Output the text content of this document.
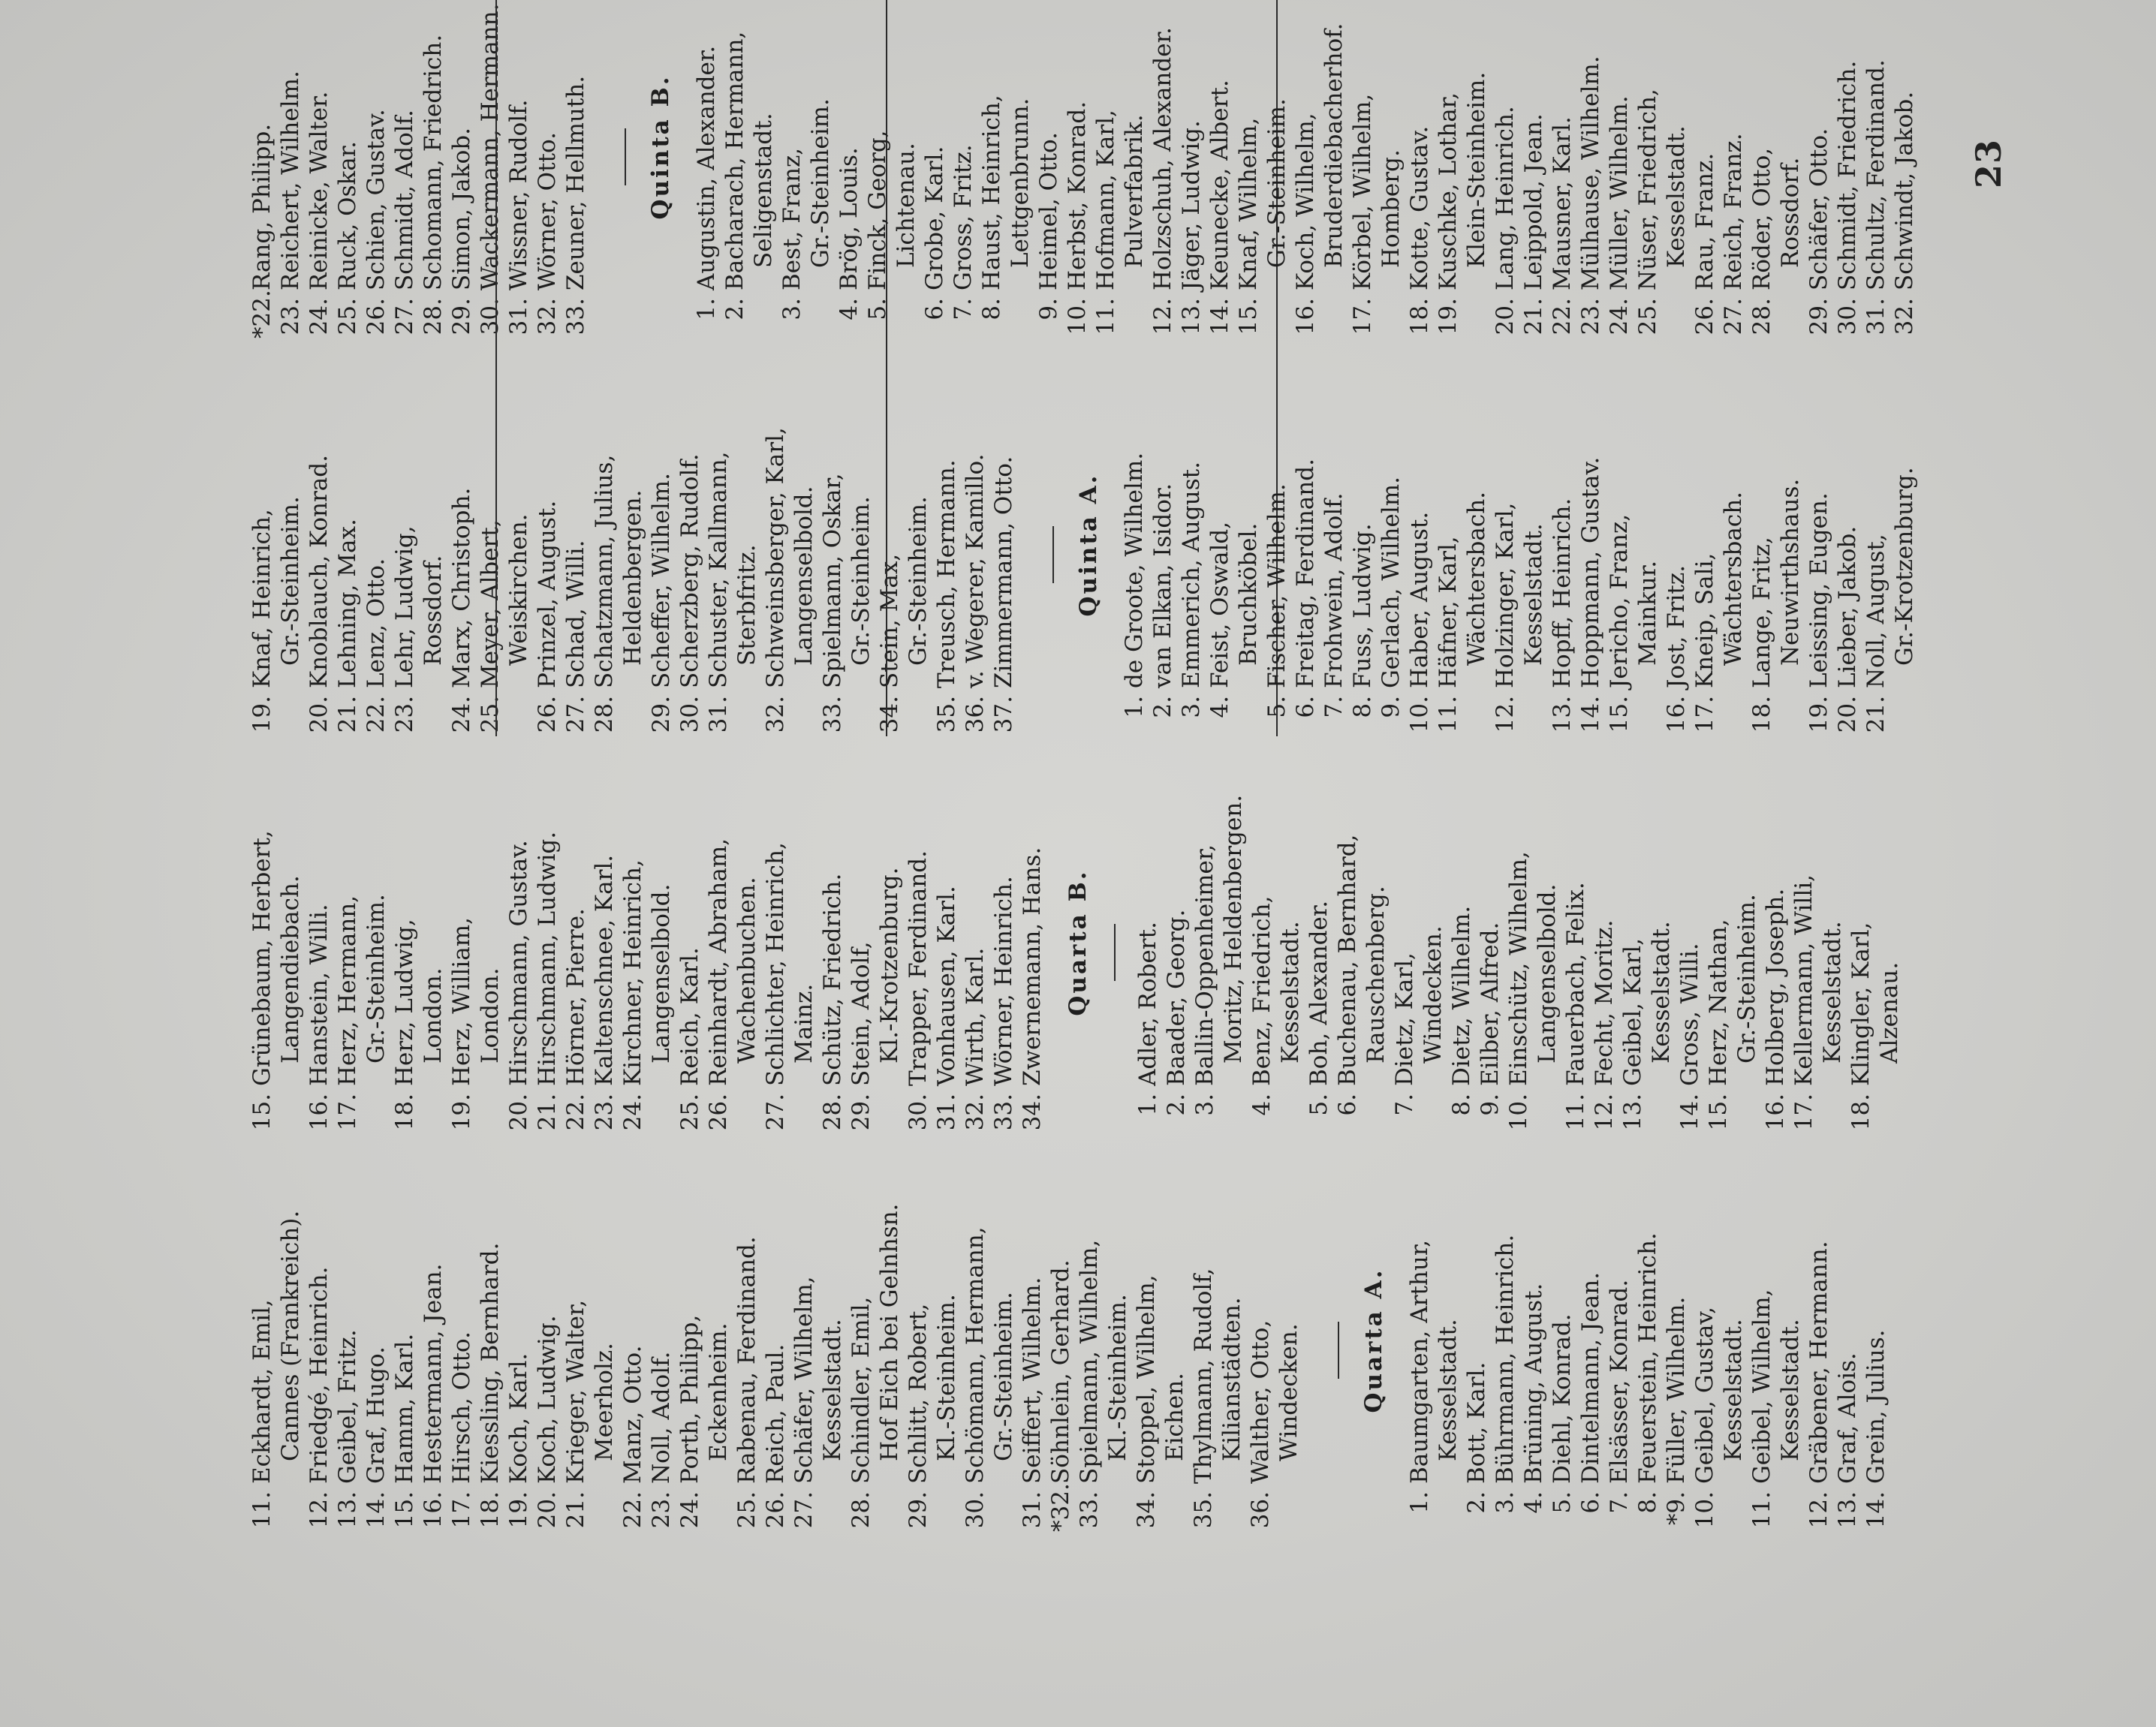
23
11.
Eckhardt, Emil, Cannes (Frankreich).
12.
Friedgé, Heinrich.
13.
Geibel, Fritz.
14.
Graf, Hugo.
15.
Hamm, Karl.
16.
Hestermann, Jean.
17.
Hirsch, Otto.
18.
Kiessling, Bernhard.
19.
Koch, Karl.
20.
Koch, Ludwig.
21.
Krieger, Walter, Meerholz.
22.
Manz, Otto.
23.
Noll, Adolf.
24.
Porth, Philipp, Eckenheim.
25.
Rabenau, Ferdinand.
26.
Reich, Paul.
27.
Schäfer, Wilhelm, Kesselstadt.
28.
Schindler, Emil, Hof Eich bei Gelnhsn.
29.
Schlitt, Robert, Kl.-Steinheim.
30.
Schömann, Hermann, Gr.-Steinheim.
31.
Seiffert, Wilhelm.
*32.
Söhnlein, Gerhard.
33.
Spielmann, Wilhelm, Kl.-Steinheim.
34.
Stoppel, Wilhelm, Eichen.
35.
Thylmann, Rudolf, Kilianstädten.
36.
Walther, Otto, Windecken. Quarta A.
1.
Baumgarten, Arthur, Kesselstadt.
2.
Bott, Karl.
3.
Bührmann, Heinrich.
4.
Brüning, August.
5.
Diehl, Konrad.
6.
Dintelmann, Jean.
7.
Elsässer, Konrad.
8.
Feuerstein, Heinrich.
*9.
Füller, Wilhelm.
10.
Geibel, Gustav, Kesselstadt.
11.
Geibel, Wilhelm, Kesselstadt.
12.
Gräbener, Hermann.
13.
Graf, Alois.
14.
Grein, Julius.
15.
Grünebaum, Herbert, Langendiebach.
16.
Hanstein, Willi.
17.
Herz, Hermann, Gr.-Steinheim.
18.
Herz, Ludwig, London.
19.
Herz, William, London.
20.
Hirschmann, Gustav.
21.
Hirschmann, Ludwig.
22.
Hörner, Pierre.
23.
Kaltenschnee, Karl.
24.
Kirchner, Heinrich, Langenselbold.
25.
Reich, Karl.
26.
Reinhardt, Abraham, Wachenbuchen.
27.
Schlichter, Heinrich, Mainz.
28.
Schütz, Friedrich.
29.
Stein, Adolf, Kl.-Krotzenburg.
30.
Trapper, Ferdinand.
31.
Vonhausen, Karl.
32.
Wirth, Karl.
33.
Wörner, Heinrich.
34.
Zwernemann, Hans. Quarta B.
1.
Adler, Robert.
2.
Baader, Georg.
3.
Ballin-Oppenheimer, Moritz, Heldenbergen.
4.
Benz, Friedrich, Kesselstadt.
5.
Boh, Alexander.
6.
Buchenau, Bernhard, Rauschenberg.
7.
Dietz, Karl, Windecken.
8.
Dietz, Wilhelm.
9.
Eilber, Alfred.
10.
Einschütz, Wilhelm, Langenselbold.
11.
Fauerbach, Felix.
12.
Fecht, Moritz.
13.
Geibel, Karl, Kesselstadt.
14.
Gross, Willi.
15.
Herz, Nathan, Gr.-Steinheim.
16.
Holberg, Joseph.
17.
Kellermann, Willi, Kesselstadt.
18.
Klingler, Karl, Alzenau.
19.
Knaf, Heinrich, Gr.-Steinheim.
20.
Knoblauch, Konrad.
21.
Lehning, Max.
22.
Lenz, Otto.
23.
Lehr, Ludwig, Rossdorf.
24.
Marx, Christoph.
25.
Meyer, Albert, Weiskirchen.
26.
Prinzel, August.
27.
Schad, Willi.
28.
Schatzmann, Julius, Heldenbergen.
29.
Scheffer, Wilhelm.
30.
Scherzberg, Rudolf.
31.
Schuster, Kallmann, Sterbfritz.
32.
Schweinsberger, Karl, Langenselbold.
33.
Spielmann, Oskar, Gr.-Steinheim.
34.
Stein, Max, Gr.-Steinheim.
35.
Treusch, Hermann.
36.
v. Wegerer, Kamillo.
37.
Zimmermann, Otto. Quinta A.
1.
de Groote, Wilhelm.
2.
van Elkan, Isidor.
3.
Emmerich, August.
4.
Feist, Oswald, Bruchköbel.
5.
Fischer, Wilhelm.
6.
Freitag, Ferdinand.
7.
Frohwein, Adolf.
8.
Fuss, Ludwig.
9.
Gerlach, Wilhelm.
10.
Haber, August.
11.
Häfner, Karl, Wächtersbach.
12.
Holzinger, Karl, Kesselstadt.
13.
Hopff, Heinrich.
14.
Hoppmann, Gustav.
15.
Jericho, Franz, Mainkur.
16.
Jost, Fritz.
17.
Kneip, Sali, Wächtersbach.
18.
Lange, Fritz, Neuwirthshaus.
19.
Leissing, Eugen.
20.
Lieber, Jakob.
21.
Noll, August, Gr.-Krotzenburg.
*22.
Rang, Philipp.
23.
Reichert, Wilhelm.
24.
Reinicke, Walter.
25.
Ruck, Oskar.
26.
Schien, Gustav.
27.
Schmidt, Adolf.
28.
Schomann, Friedrich.
29.
Simon, Jakob.
30.
Wackermann, Hermann.
31.
Wissner, Rudolf.
32.
Wörner, Otto.
33.
Zeuner, Hellmuth. Quinta B.
1.
Augustin, Alexander.
2.
Bacharach, Hermann, Seligenstadt.
3.
Best, Franz, Gr.-Steinheim.
4.
Brög, Louis.
5.
Finck, Georg, Lichtenau.
6.
Grobe, Karl.
7.
Gross, Fritz.
8.
Haust, Heinrich, Lettgenbrunn.
9.
Heimel, Otto.
10.
Herbst, Konrad.
11.
Hofmann, Karl, Pulverfabrik.
12.
Holzschuh, Alexander.
13.
Jäger, Ludwig.
14.
Keunecke, Albert.
15.
Knaf, Wilhelm, Gr.-Steinheim.
16.
Koch, Wilhelm, Bruderdiebacherhof.
17.
Körbel, Wilhelm, Homberg.
18.
Kotte, Gustav.
19.
Kuschke, Lothar, Klein-Steinheim.
20.
Lang, Heinrich.
21.
Leippold, Jean.
22.
Mausner, Karl.
23.
Mülhause, Wilhelm.
24.
Müller, Wilhelm.
25.
Nüser, Friedrich, Kesselstadt.
26.
Rau, Franz.
27.
Reich, Franz.
28.
Röder, Otto, Rossdorf.
29.
Schäfer, Otto.
30.
Schmidt, Friedrich.
31.
Schultz, Ferdinand.
32.
Schwindt, Jakob.
